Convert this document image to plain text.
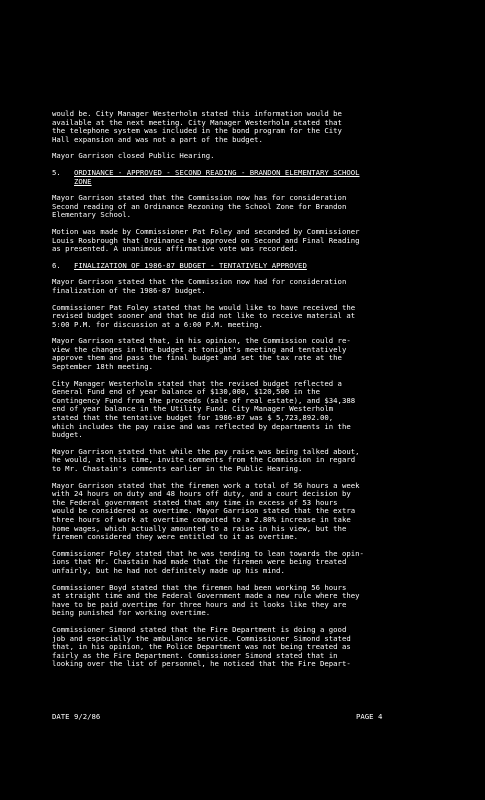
would be. City Manager Westerholm stated this information would be
available at the next meeting. City Manager Westerholm stated that
the telephone system was included in the bond program for the City
Hall expansion and was not a part of the budget.
Mayor Garrison closed Public Hearing.
5. ORDINANCE - APPROVED - SECOND READING - BRANDON ELEMENTARY SCHOOL
ZONE
Mayor Garrison stated that the Commission now has for consideration
Second reading of an Ordinance Rezoning the School Zone for Brandon
Elementary School.
Motion was made by Commissioner Pat Foley and seconded by Commissioner
Louis Rosbrough that Ordinance be approved on Second and Final Reading
as presented. A unanimous affirmative vote was recorded.
6. FINALIZATION OF 1986-87 BUDGET - TENTATIVELY APPROVED
Mayor Garrison stated that the Commission now had for consideration
finalization of the 1986-87 budget.
Commissioner Pat Foley stated that he would like to have received the
revised budget sooner and that he did not like to receive material at
5:00 P.M. for discussion at a 6:00 P.M. meeting.
Mayor Garrison stated that, in his opinion, the Commission could re-
view the changes in the budget at tonight's meeting and tentatively
approve them and pass the final budget and set the tax rate at the
September 18th meeting.
City Manager Westerholm stated that the revised budget reflected a
General Fund end of year balance of $130,000, $120,500 in the
Contingency Fund from the proceeds (sale of real estate), and $34,388
end of year balance in the Utility Fund. City Manager Westerholm
stated that the tentative budget for 1986-87 was $ 5,723,892.00,
which includes the pay raise and was reflected by departments in the
budget.
Mayor Garrison stated that while the pay raise was being talked about,
he would, at this time, invite comments from the Commission in regard
to Mr. Chastain's comments earlier in the Public Hearing.
Mayor Garrison stated that the firemen work a total of 56 hours a week
with 24 hours on duty and 48 hours off duty, and a court decision by
the Federal government stated that any time in excess of 53 hours
would be considered as overtime. Mayor Garrison stated that the extra
three hours of work at overtime computed to a 2.80% increase in take
home wages, which actually amounted to a raise in his view, but the
firemen considered they were entitled to it as overtime.
Commissioner Foley stated that he was tending to lean towards the opin-
ions that Mr. Chastain had made that the firemen were being treated
unfairly, but he had not definitely made up his mind.
Commissioner Boyd stated that the firemen had been working 56 hours
at straight time and the Federal Government made a new rule where they
have to be paid overtime for three hours and it looks like they are
being punished for working overtime.
Commissioner Simond stated that the Fire Department is doing a good
job and especially the ambulance service. Commissioner Simond stated
that, in his opinion, the Police Department was not being treated as
fairly as the Fire Department. Commissioner Simond stated that in
looking over the list of personnel, he noticed that the Fire Depart-
DATE 9/2/86	PAGE 4
